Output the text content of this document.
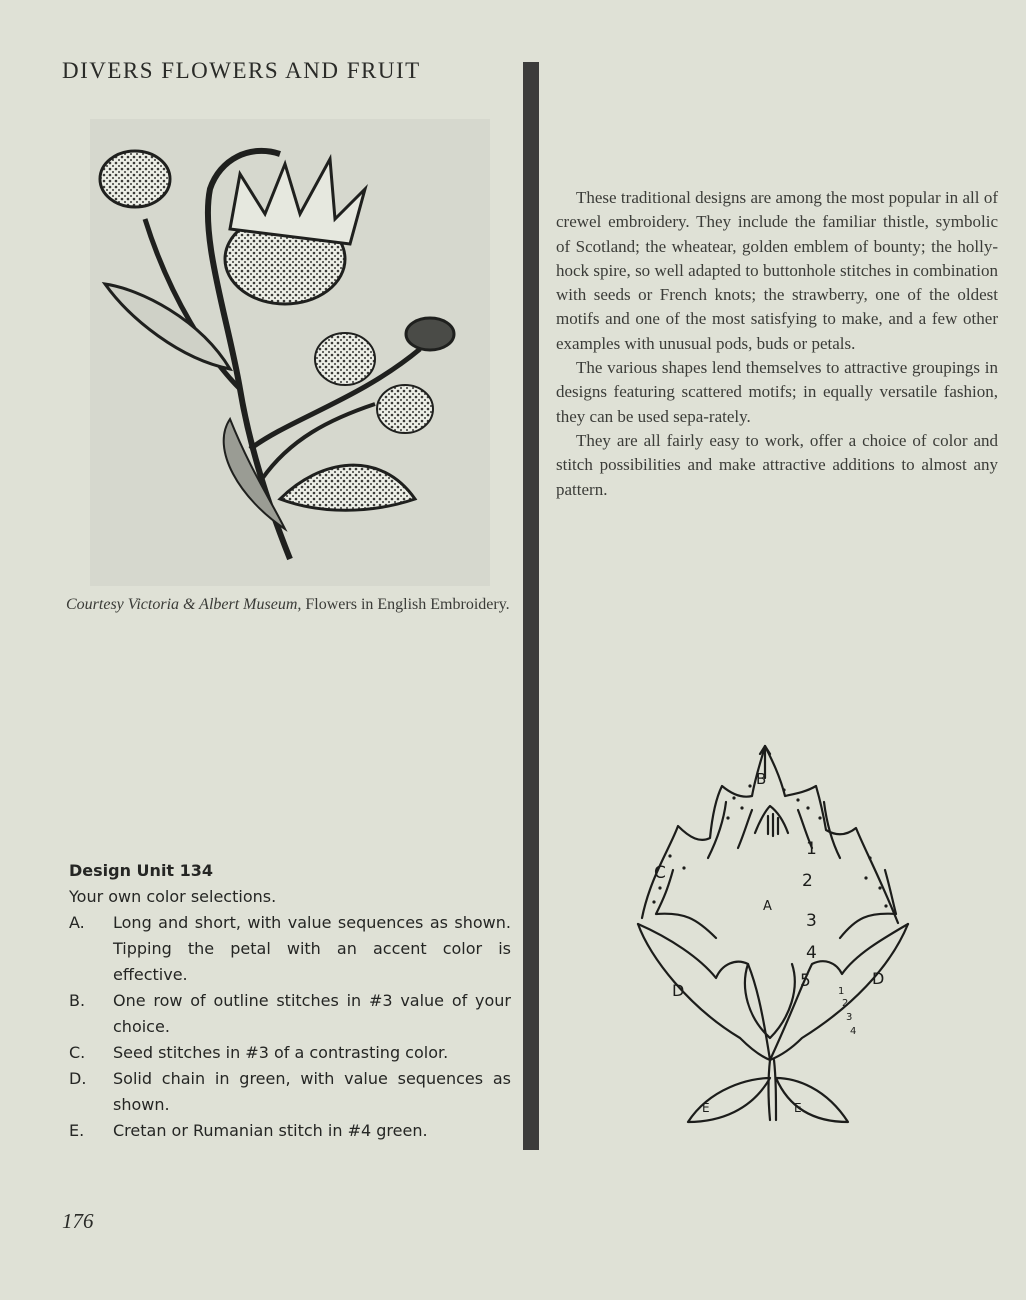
DIVERS FLOWERS AND FRUIT

Courtesy Victoria & Albert Museum, Flowers in English Embroidery.

These traditional designs are among the most popular in all of crewel embroidery. They include the familiar thistle, symbolic of Scotland; the wheatear, golden emblem of bounty; the holly-hock spire, so well adapted to buttonhole stitches in combination with seeds or French knots; the strawberry, one of the oldest motifs and one of the most satisfying to make, and a few other examples with unusual pods, buds or petals.

The various shapes lend themselves to attractive groupings in designs featuring scattered motifs; in equally versatile fashion, they can be used sepa-rately.

They are all fairly easy to work, offer a choice of color and stitch possibilities and make attractive additions to almost any pattern.

Design Unit 134
Your own color selections.
A.	Long and short, with value sequences as shown. Tipping the petal with an accent color is effective.
B.	One row of outline stitches in #3 value of your choice.
C.	Seed stitches in #3 of a contrasting color.
D.	Solid chain in green, with value sequences as shown.
E.	Cretan or Rumanian stitch in #4 green.
A
B
C
D
D
E	E
1
2
3
4
5
1
2
3
4
176
